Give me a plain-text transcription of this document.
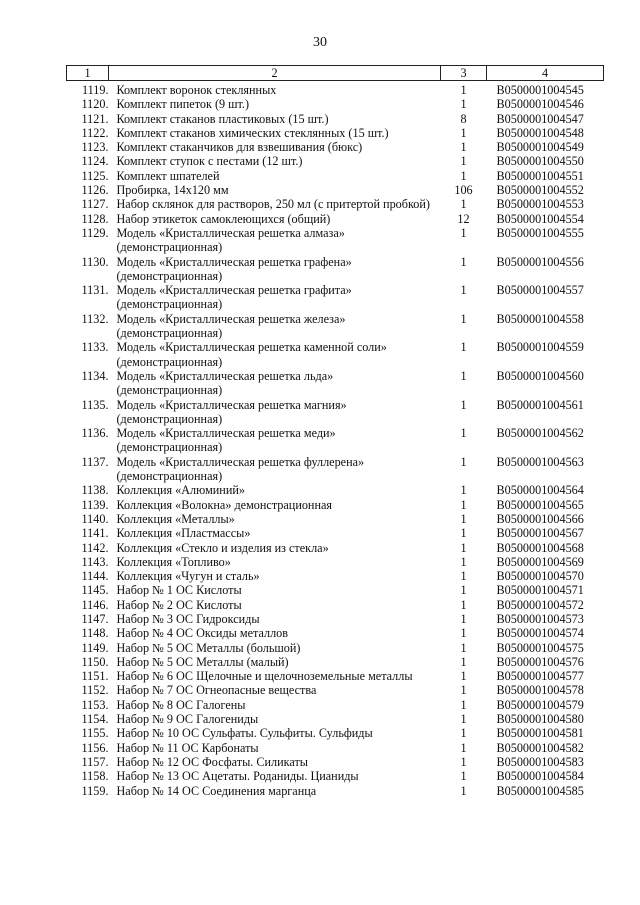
30
1	2	3	4
1119.	Комплект воронок стеклянных	1	В0500001004545
1120.	Комплект пипеток (9 шт.)	1	В0500001004546
1121.	Комплект стаканов пластиковых (15 шт.)	8	В0500001004547
1122.	Комплект стаканов химических стеклянных (15 шт.)	1	В0500001004548
1123.	Комплект стаканчиков для взвешивания (бюкс)	1	В0500001004549
1124.	Комплект ступок с пестами (12 шт.)	1	В0500001004550
1125.	Комплект шпателей	1	В0500001004551
1126.	Пробирка, 14х120 мм	106	В0500001004552
1127.	Набор склянок для растворов, 250 мл (с притертой пробкой)	1	В0500001004553
1128.	Набор этикеток самоклеющихся (общий)	12	В0500001004554
1129.	Модель «Кристаллическая решетка алмаза» (демонстрационная)	1	В0500001004555
1130.	Модель «Кристаллическая решетка графена» (демонстрационная)	1	В0500001004556
1131.	Модель «Кристаллическая решетка графита» (демонстрационная)	1	В0500001004557
1132.	Модель «Кристаллическая решетка железа» (демонстрационная)	1	В0500001004558
1133.	Модель «Кристаллическая решетка каменной соли» (демонстрационная)	1	В0500001004559
1134.	Модель «Кристаллическая решетка льда» (демонстрационная)	1	В0500001004560
1135.	Модель «Кристаллическая решетка магния» (демонстрационная)	1	В0500001004561
1136.	Модель «Кристаллическая решетка меди» (демонстрационная)	1	В0500001004562
1137.	Модель «Кристаллическая решетка фуллерена» (демонстрационная)	1	В0500001004563
1138.	Коллекция «Алюминий»	1	В0500001004564
1139.	Коллекция «Волокна» демонстрационная	1	В0500001004565
1140.	Коллекция «Металлы»	1	В0500001004566
1141.	Коллекция «Пластмассы»	1	В0500001004567
1142.	Коллекция «Стекло и изделия из стекла»	1	В0500001004568
1143.	Коллекция «Топливо»	1	В0500001004569
1144.	Коллекция «Чугун и сталь»	1	В0500001004570
1145.	Набор № 1 ОС Кислоты	1	В0500001004571
1146.	Набор № 2 ОС Кислоты	1	В0500001004572
1147.	Набор № 3 ОС Гидроксиды	1	В0500001004573
1148.	Набор № 4 ОС Оксиды металлов	1	В0500001004574
1149.	Набор № 5 ОС Металлы (большой)	1	В0500001004575
1150.	Набор № 5 ОС Металлы (малый)	1	В0500001004576
1151.	Набор № 6 ОС Щелочные и щелочноземельные металлы	1	В0500001004577
1152.	Набор № 7 ОС Огнеопасные вещества	1	В0500001004578
1153.	Набор № 8 ОС Галогены	1	В0500001004579
1154.	Набор № 9 ОС Галогениды	1	В0500001004580
1155.	Набор № 10 ОС Сульфаты. Сульфиты. Сульфиды	1	В0500001004581
1156.	Набор № 11 ОС Карбонаты	1	В0500001004582
1157.	Набор № 12 ОС Фосфаты. Силикаты	1	В0500001004583
1158.	Набор № 13 ОС Ацетаты. Роданиды. Цианиды	1	В0500001004584
1159.	Набор № 14 ОС Соединения марганца	1	В0500001004585
